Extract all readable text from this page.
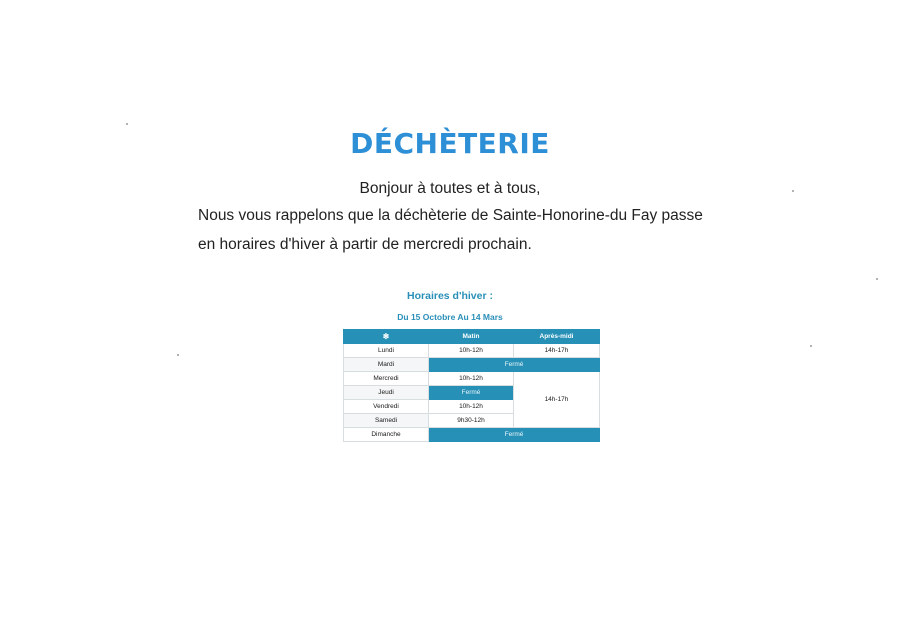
DÉCHÈTERIE
Bonjour à toutes et à tous,
Nous vous rappelons que la déchèterie de Sainte-Honorine-du Fay passe
en horaires d'hiver à partir de mercredi prochain.
Horaires d'hiver :
Du 15 Octobre Au 14 Mars
❄	Matin	Après-midi
Lundi	10h-12h	14h-17h
Mardi	Fermé	
Mercredi	10h-12h	14h-17h
Jeudi	Fermé	
Vendredi	10h-12h	
Samedi	9h30-12h	
Dimanche	Fermé	
